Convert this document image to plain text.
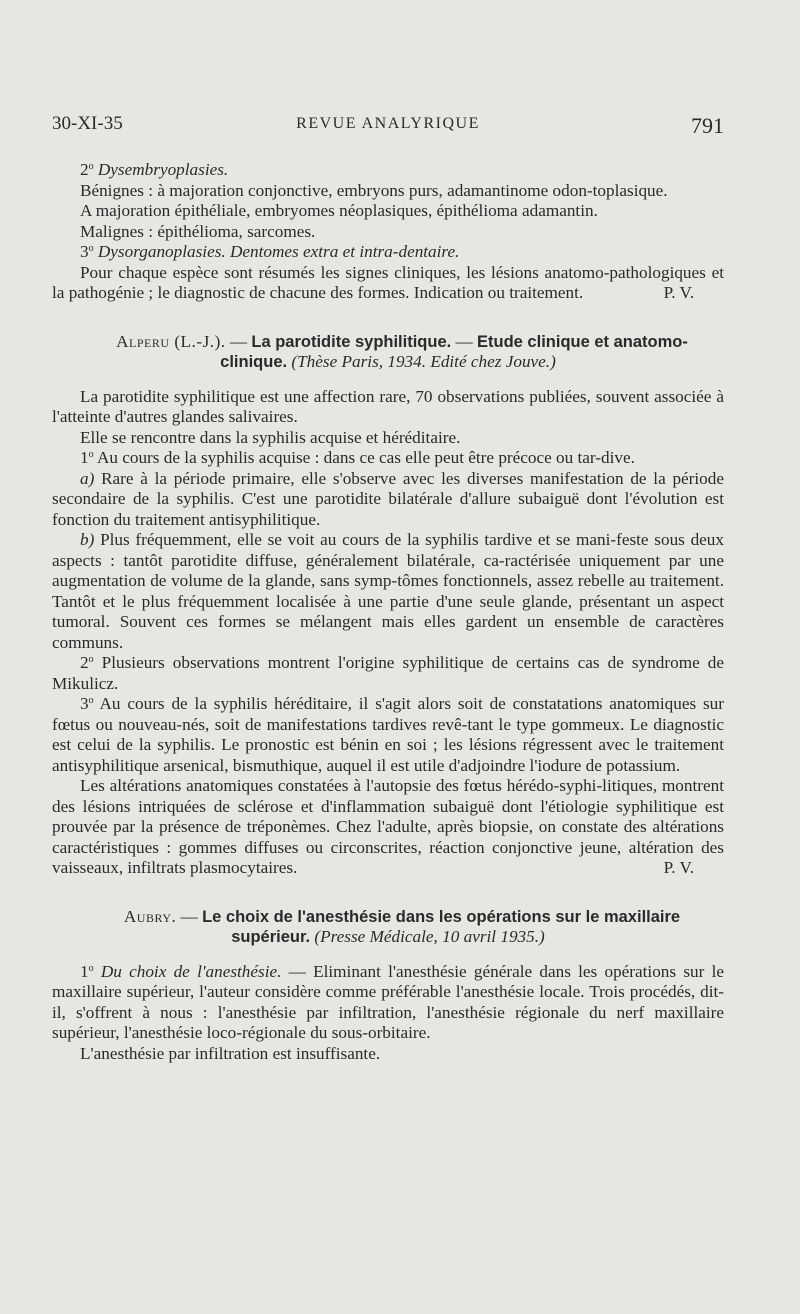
30-XI-35	REVUE ANALYRIQUE	791

2$^o$ Dysembryoplasies.

Bénignes : à majoration conjonctive, embryons purs, adamantinome odon-toplasique.

A majoration épithéliale, embryomes néoplasiques, épithélioma adamantin.

Malignes : épithélioma, sarcomes.

3$^o$ Dysorganoplasies. Dentomes extra et intra-dentaire.

Pour chaque espèce sont résumés les signes cliniques, les lésions anatomo-pathologiques et la pathogénie ; le diagnostic de chacune des formes. Indication ou traitement.	P. V.

Alperu (L.-J.). — La parotidite syphilitique. — Etude clinique et anatomo-clinique. (Thèse Paris, 1934. Edité chez Jouve.)

La parotidite syphilitique est une affection rare, 70 observations publiées, souvent associée à l'atteinte d'autres glandes salivaires.

Elle se rencontre dans la syphilis acquise et héréditaire.

1$^o$ Au cours de la syphilis acquise : dans ce cas elle peut être précoce ou tar-dive.

a) Rare à la période primaire, elle s'observe avec les diverses manifestation de la période secondaire de la syphilis. C'est une parotidite bilatérale d'allure subaiguë dont l'évolution est fonction du traitement antisyphilitique.

b) Plus fréquemment, elle se voit au cours de la syphilis tardive et se mani-feste sous deux aspects : tantôt parotidite diffuse, généralement bilatérale, ca-ractérisée uniquement par une augmentation de volume de la glande, sans symp-tômes fonctionnels, assez rebelle au traitement. Tantôt et le plus fréquemment localisée à une partie d'une seule glande, présentant un aspect tumoral. Souvent ces formes se mélangent mais elles gardent un ensemble de caractères communs.

2$^o$ Plusieurs observations montrent l'origine syphilitique de certains cas de syndrome de Mikulicz.

3$^o$ Au cours de la syphilis héréditaire, il s'agit alors soit de constatations anatomiques sur fœtus ou nouveau-nés, soit de manifestations tardives revê-tant le type gommeux. Le diagnostic est celui de la syphilis. Le pronostic est bénin en soi ; les lésions régressent avec le traitement antisyphilitique arsenical, bismuthique, auquel il est utile d'adjoindre l'iodure de potassium.

Les altérations anatomiques constatées à l'autopsie des fœtus hérédo-syphi-litiques, montrent des lésions intriquées de sclérose et d'inflammation subaiguë dont l'étiologie syphilitique est prouvée par la présence de tréponèmes. Chez l'adulte, après biopsie, on constate des altérations caractéristiques : gommes diffuses ou circonscrites, réaction conjonctive jeune, altération des vaisseaux, infiltrats plasmocytaires.	P. V.

Aubry. — Le choix de l'anesthésie dans les opérations sur le maxillaire supérieur. (Presse Médicale, 10 avril 1935.)

1$^o$ Du choix de l'anesthésie. — Eliminant l'anesthésie générale dans les opérations sur le maxillaire supérieur, l'auteur considère comme préférable l'anesthésie locale. Trois procédés, dit-il, s'offrent à nous : l'anesthésie par infiltration, l'anesthésie régionale du nerf maxillaire supérieur, l'anesthésie loco-régionale du sous-orbitaire.

L'anesthésie par infiltration est insuffisante.
